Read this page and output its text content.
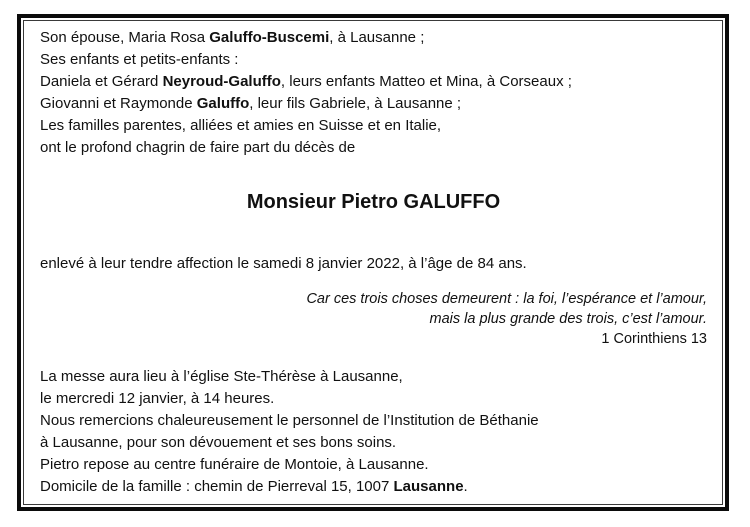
Son épouse, Maria Rosa Galuffo-Buscemi, à Lausanne ;

Ses enfants et petits-enfants :

Daniela et Gérard Neyroud-Galuffo, leurs enfants Matteo et Mina, à Corseaux ;

Giovanni et Raymonde Galuffo, leur fils Gabriele, à Lausanne ;

Les familles parentes, alliées et amies en Suisse et en Italie,

ont le profond chagrin de faire part du décès de

Monsieur Pietro GALUFFO

enlevé à leur tendre affection le samedi 8 janvier 2022, à l’âge de 84 ans.

Car ces trois choses demeurent : la foi, l’espérance et l’amour,

mais la plus grande des trois, c’est l’amour.

1 Corinthiens 13

La messe aura lieu à l’église Ste-Thérèse à Lausanne,

le mercredi 12 janvier, à 14 heures.

Nous remercions chaleureusement le personnel de l’Institution de Béthanie

à Lausanne, pour son dévouement et ses bons soins.

Pietro repose au centre funéraire de Montoie, à Lausanne.

Domicile de la famille : chemin de Pierreval 15, 1007 Lausanne.
